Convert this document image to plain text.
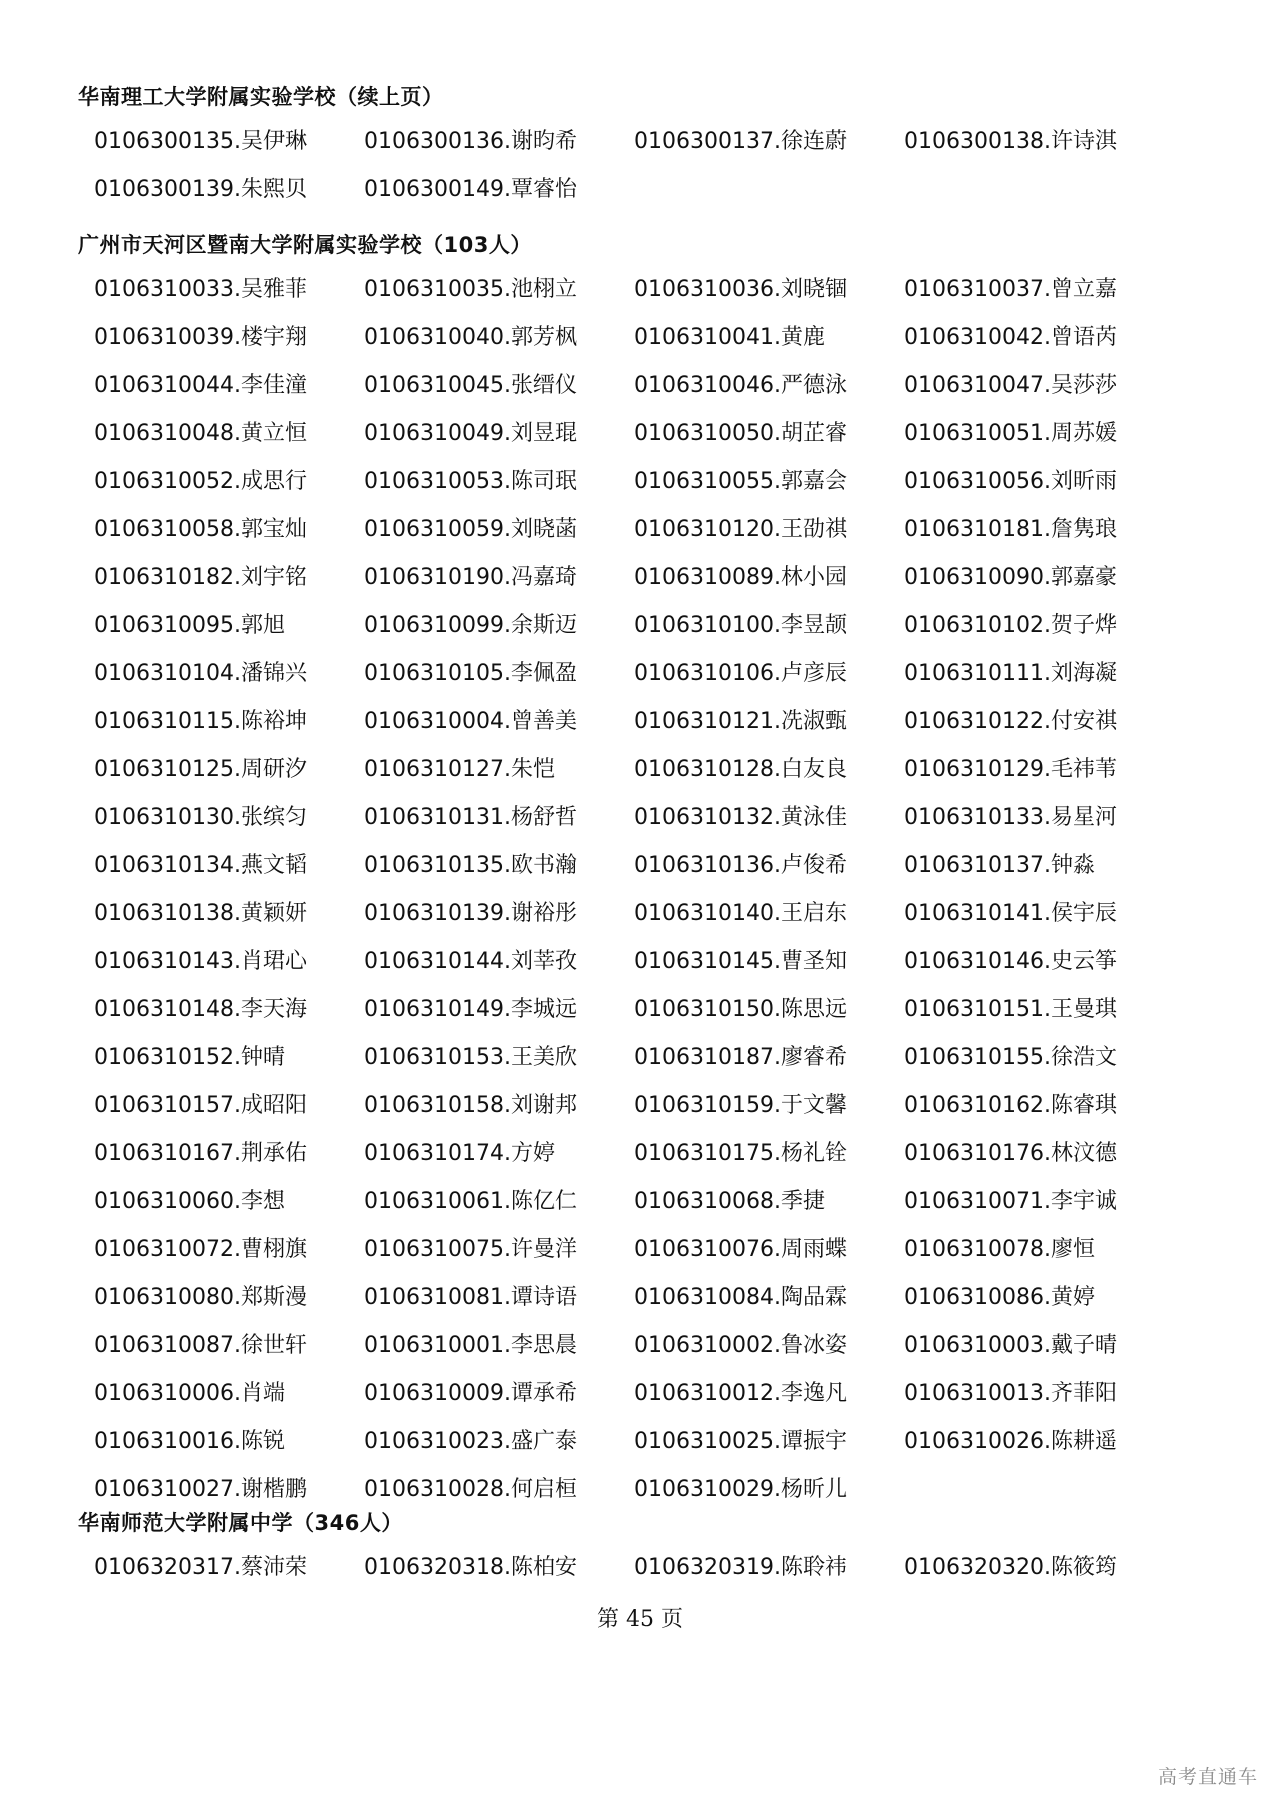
华南理工大学附属实验学校（续上页）
0106300135.吴伊琳	0106300136.谢昀希	0106300137.徐连蔚	0106300138.许诗淇
0106300139.朱熙贝	0106300149.覃睿怡
广州市天河区暨南大学附属实验学校（103人）
0106310033.吴雅菲	0106310035.池栩立	0106310036.刘晓锢	0106310037.曾立嘉
0106310039.楼宇翔	0106310040.郭芳枫	0106310041.黄鹿	0106310042.曾语芮
0106310044.李佳潼	0106310045.张缙仪	0106310046.严德泳	0106310047.吴莎莎
0106310048.黄立恒	0106310049.刘昱琨	0106310050.胡芷睿	0106310051.周苏媛
0106310052.成思行	0106310053.陈司珉	0106310055.郭嘉会	0106310056.刘昕雨
0106310058.郭宝灿	0106310059.刘晓菡	0106310120.王劭祺	0106310181.詹隽琅
0106310182.刘宇铭	0106310190.冯嘉琦	0106310089.林小园	0106310090.郭嘉豪
0106310095.郭旭	0106310099.余斯迈	0106310100.李昱颉	0106310102.贺子烨
0106310104.潘锦兴	0106310105.李佩盈	0106310106.卢彦辰	0106310111.刘海凝
0106310115.陈裕坤	0106310004.曾善美	0106310121.冼淑甄	0106310122.付安祺
0106310125.周研汐	0106310127.朱恺	0106310128.白友良	0106310129.毛祎苇
0106310130.张缤匀	0106310131.杨舒哲	0106310132.黄泳佳	0106310133.易星河
0106310134.燕文韬	0106310135.欧书瀚	0106310136.卢俊希	0106310137.钟淼
0106310138.黄颖妍	0106310139.谢裕彤	0106310140.王启东	0106310141.侯宇辰
0106310143.肖珺心	0106310144.刘莘孜	0106310145.曹圣知	0106310146.史云筝
0106310148.李天海	0106310149.李城远	0106310150.陈思远	0106310151.王曼琪
0106310152.钟晴	0106310153.王美欣	0106310187.廖睿希	0106310155.徐浩文
0106310157.成昭阳	0106310158.刘谢邦	0106310159.于文馨	0106310162.陈睿琪
0106310167.荆承佑	0106310174.方婷	0106310175.杨礼铨	0106310176.林汶德
0106310060.李想	0106310061.陈亿仁	0106310068.季捷	0106310071.李宇诚
0106310072.曹栩旗	0106310075.许曼洋	0106310076.周雨蝶	0106310078.廖恒
0106310080.郑斯漫	0106310081.谭诗语	0106310084.陶品霖	0106310086.黄婷
0106310087.徐世轩	0106310001.李思晨	0106310002.鲁冰姿	0106310003.戴子晴
0106310006.肖端	0106310009.谭承希	0106310012.李逸凡	0106310013.齐菲阳
0106310016.陈锐	0106310023.盛广泰	0106310025.谭振宇	0106310026.陈耕遥
0106310027.谢楷鹏	0106310028.何启桓	0106310029.杨昕儿
华南师范大学附属中学（346人）
0106320317.蔡沛荣	0106320318.陈柏安	0106320319.陈聆祎	0106320320.陈筱筠
第 45 页
高考直通车
